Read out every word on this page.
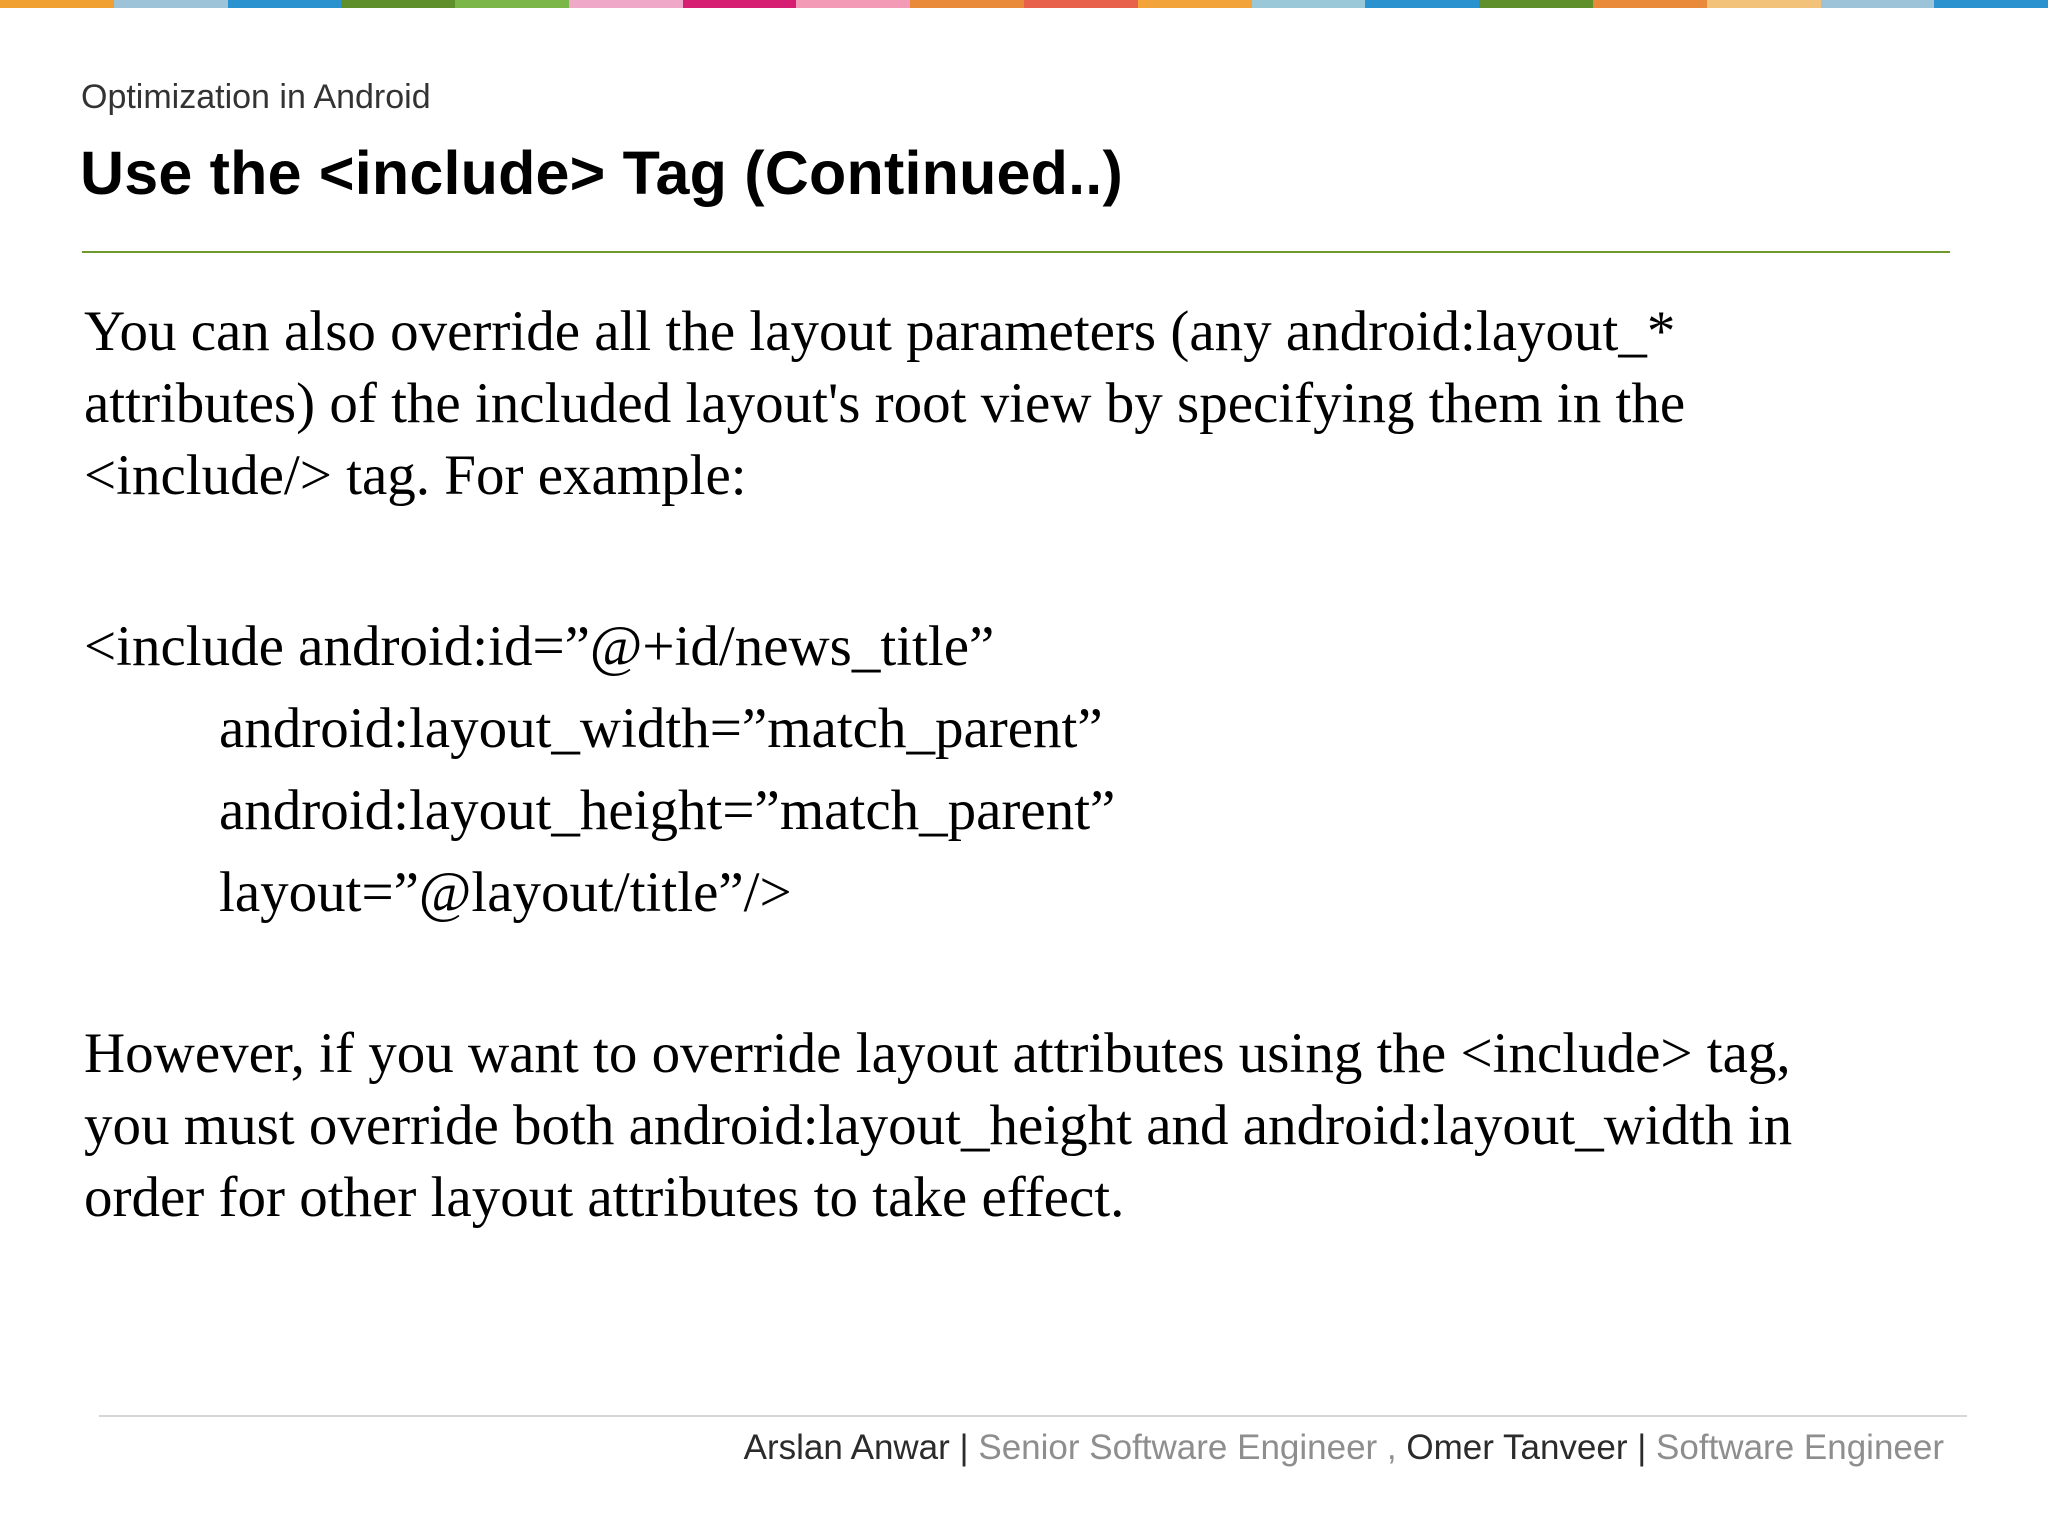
Optimization in Android
Use the <include> Tag (Continued..)
You can also override all the layout parameters (any android:layout_*
attributes) of the included layout's root view by specifying them in the
<include/> tag. For example:
<include android:id=”@+id/news_title”
android:layout_width=”match_parent”
android:layout_height=”match_parent”
layout=”@layout/title”/>
However, if you want to override layout attributes using the <include> tag,
you must override both android:layout_height and android:layout_width in
order for other layout attributes to take effect.
Arslan Anwar | Senior Software Engineer , Omer Tanveer | Software Engineer
